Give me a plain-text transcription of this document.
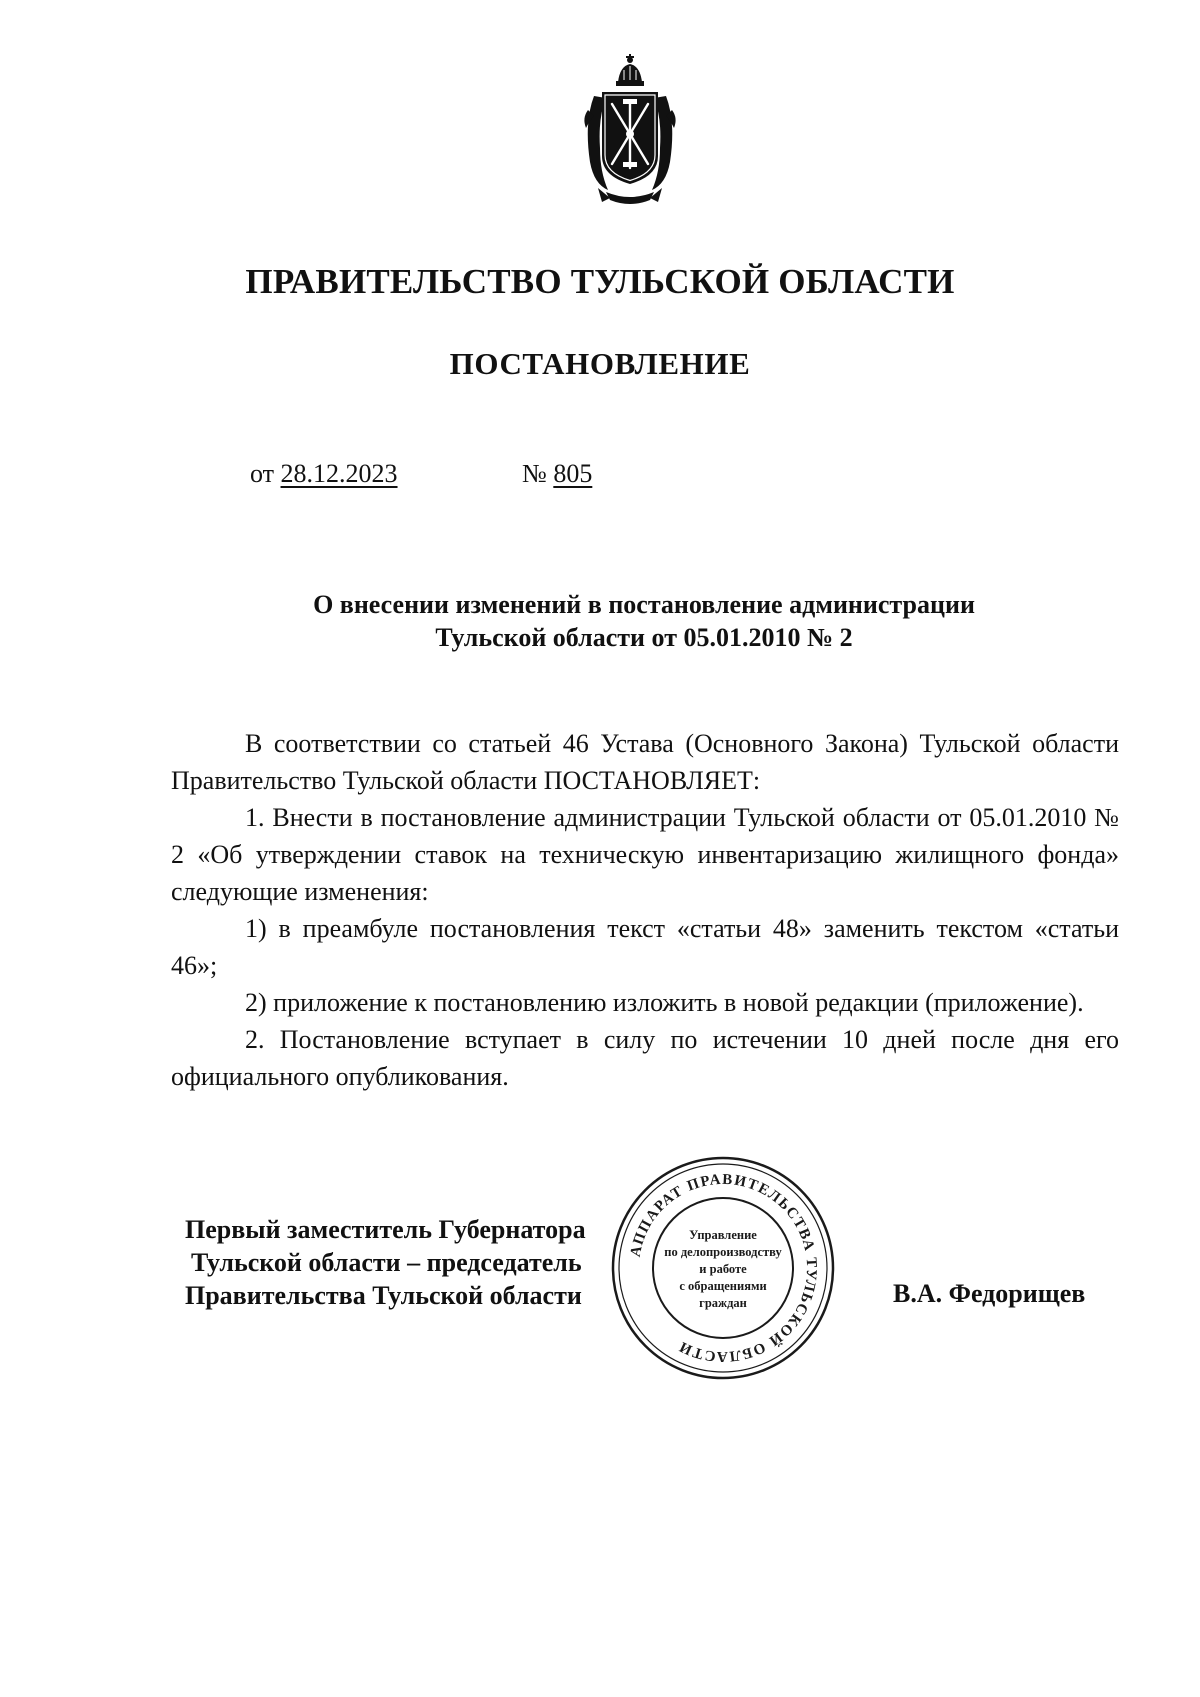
ПРАВИТЕЛЬСТВО ТУЛЬСКОЙ ОБЛАСТИ
ПОСТАНОВЛЕНИЕ
от 28.12.2023	№ 805
О внесении изменений в постановление администрации
Тульской области от 05.01.2010 № 2

В соответствии со статьей 46 Устава (Основного Закона) Тульской области Правительство Тульской области ПОСТАНОВЛЯЕТ:

1. Внести в постановление администрации Тульской области от 05.01.2010 № 2 «Об утверждении ставок на техническую инвентаризацию жилищного фонда» следующие изменения:

1) в преамбуле постановления текст «статьи 48» заменить текстом «статьи 46»;

2) приложение к постановлению изложить в новой редакции (приложение).

2. Постановление вступает в силу по истечении 10 дней после дня его официального опубликования.

Первый заместитель Губернатора
Тульской области – председатель
Правительства Тульской области	В.А. Федорищев
АППАРАТ ПРАВИТЕЛЬСТВА ТУЛЬСКОЙ ОБЛАСТИ
Управление
по делопроизводству
и работе
с обращениями
граждан
